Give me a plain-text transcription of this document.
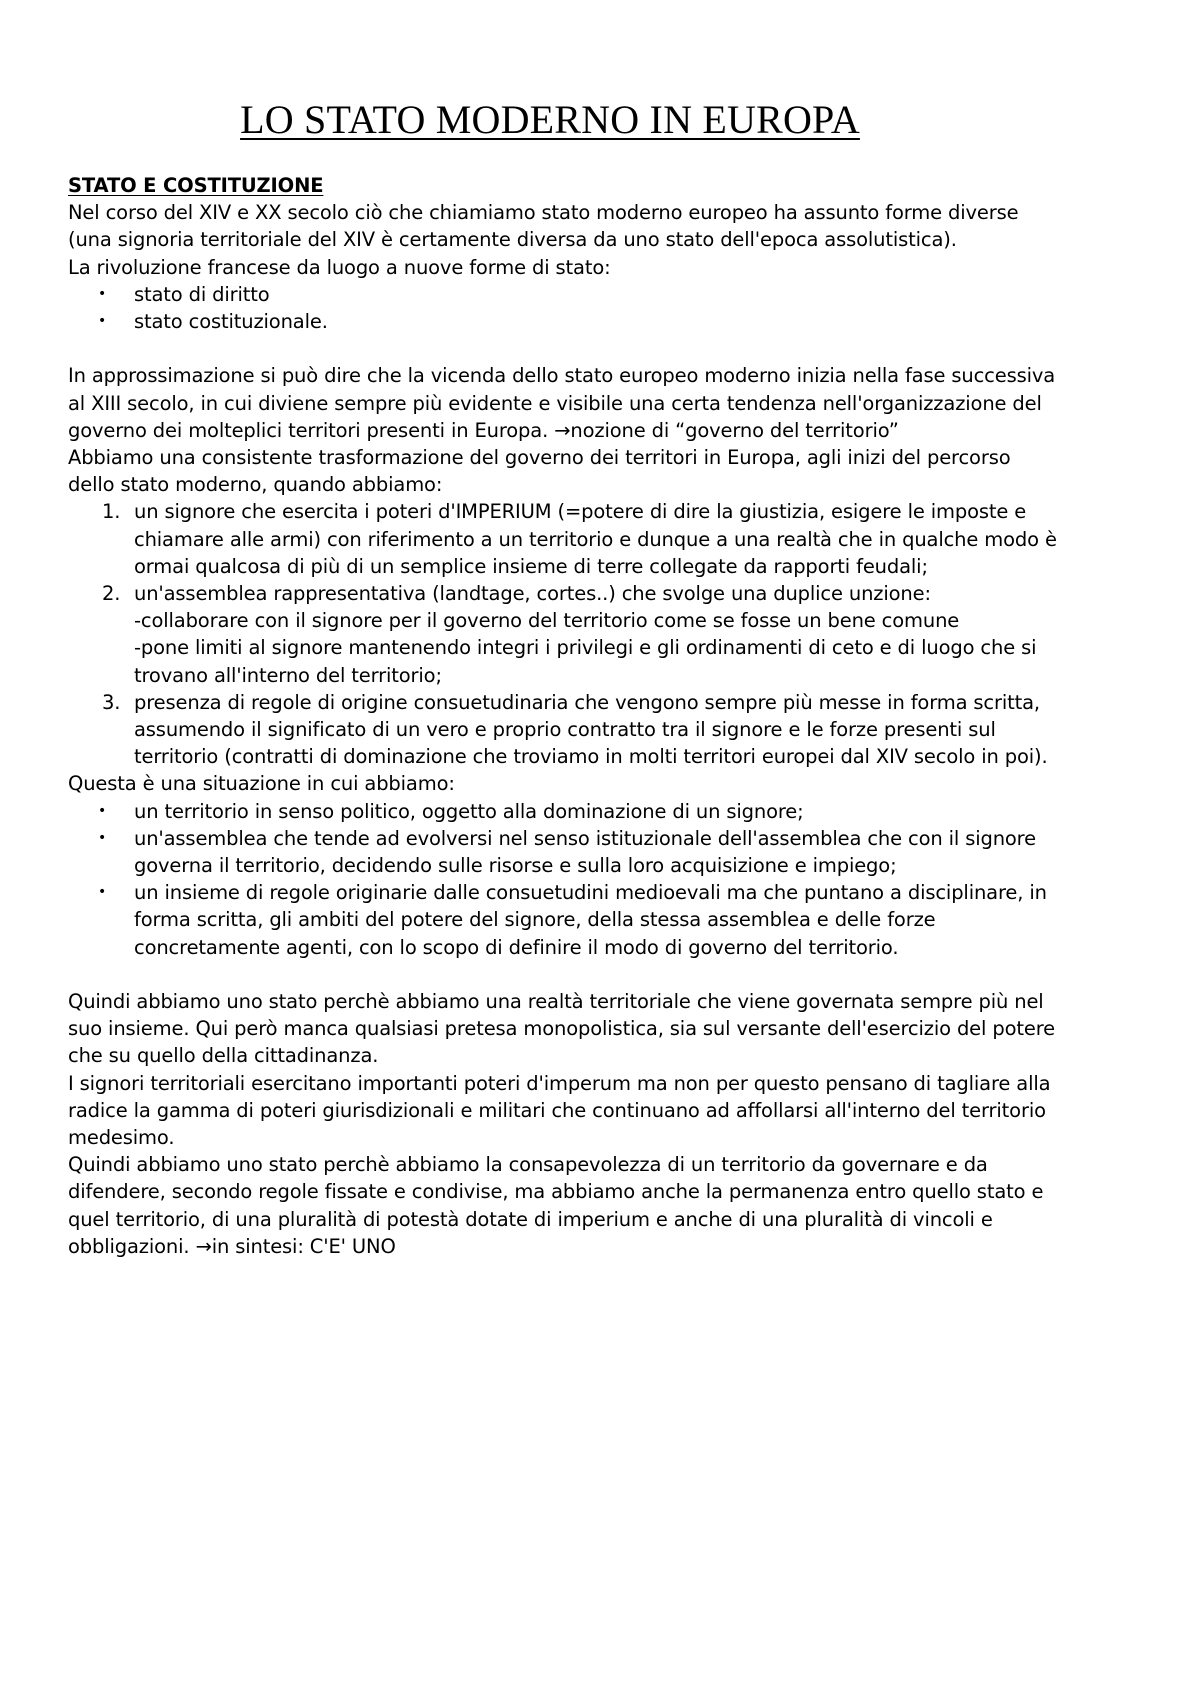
LO STATO MODERNO IN EUROPA

STATO E COSTITUZIONE

Nel corso del XIV e XX secolo ciò che chiamiamo stato moderno europeo ha assunto forme diverse (una signoria territoriale del XIV è certamente diversa da uno stato dell'epoca assolutistica).

La rivoluzione francese da luogo a nuove forme di stato:

• stato di diritto
• stato costituzionale.

In approssimazione si può dire che la vicenda dello stato europeo moderno inizia nella fase successiva al XIII secolo, in cui diviene sempre più evidente e visibile una certa tendenza nell'organizzazione del governo dei molteplici territori presenti in Europa. →nozione di “governo del territorio”

Abbiamo una consistente trasformazione del governo dei territori in Europa, agli inizi del percorso dello stato moderno, quando abbiamo:

1. un signore che esercita i poteri d'IMPERIUM (=potere di dire la giustizia, esigere le imposte e chiamare alle armi) con riferimento a un territorio e dunque a una realtà che in qualche modo è ormai qualcosa di più di un semplice insieme di terre collegate da rapporti feudali;
2. un'assemblea rappresentativa (landtage, cortes..) che svolge una duplice unzione:
-collaborare con il signore per il governo del territorio come se fosse un bene comune
-pone limiti al signore mantenendo integri i privilegi e gli ordinamenti di ceto e di luogo che si trovano all'interno del territorio;
3. presenza di regole di origine consuetudinaria che vengono sempre più messe in forma scritta, assumendo il significato di un vero e proprio contratto tra il signore e le forze presenti sul territorio (contratti di dominazione che troviamo in molti territori europei dal XIV secolo in poi).

Questa è una situazione in cui abbiamo:

• un territorio in senso politico, oggetto alla dominazione di un signore;
• un'assemblea che tende ad evolversi nel senso istituzionale dell'assemblea che con il signore governa il territorio, decidendo sulle risorse e sulla loro acquisizione e impiego;
• un insieme di regole originarie dalle consuetudini medioevali ma che puntano a disciplinare, in forma scritta, gli ambiti del potere del signore, della stessa assemblea e delle forze concretamente agenti, con lo scopo di definire il modo di governo del territorio.

Quindi abbiamo uno stato perchè abbiamo una realtà territoriale che viene governata sempre più nel suo insieme. Qui però manca qualsiasi pretesa monopolistica, sia sul versante dell'esercizio del potere che su quello della cittadinanza.

I signori territoriali esercitano importanti poteri d'imperum ma non per questo pensano di tagliare alla radice la gamma di poteri giurisdizionali e militari che continuano ad affollarsi all'interno del territorio medesimo.

Quindi abbiamo uno stato perchè abbiamo la consapevolezza di un territorio da governare e da difendere, secondo regole fissate e condivise, ma abbiamo anche la permanenza entro quello stato e quel territorio, di una pluralità di potestà dotate di imperium e anche di una pluralità di vincoli e obbligazioni. →in sintesi: C'E' UNO
